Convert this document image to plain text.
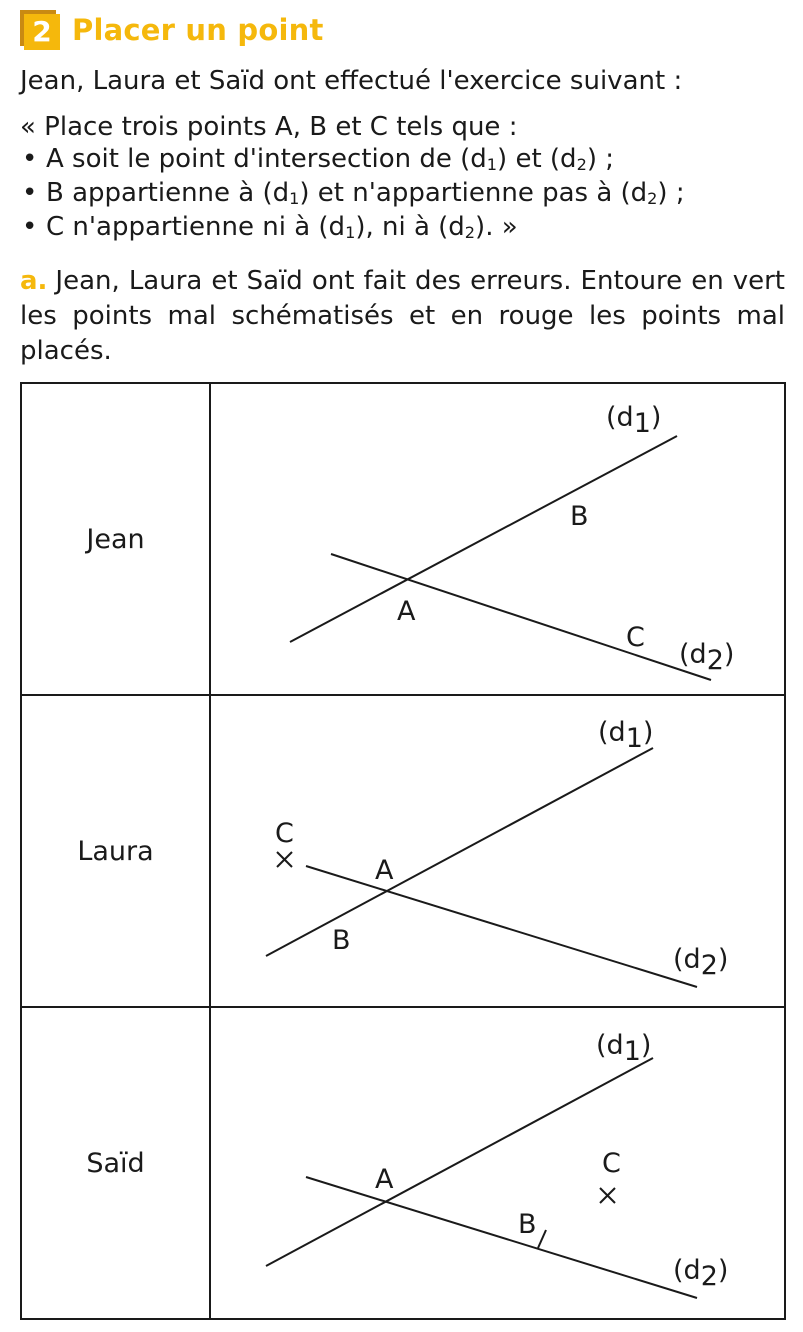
2 Placer un point

Jean, Laura et Saïd ont effectué l'exercice suivant :

« Place trois points A, B et C tels que :

• A soit le point d'intersection de $(d_1)$ et $(d_2)$ ;
• B appartienne à $(d_1)$ et n'appartienne pas à $(d_2)$ ;
• C n'appartienne ni à $(d_1)$, ni à $(d_2)$. »

a. Jean, Laura et Saïd ont fait des erreurs. Entoure en vert les points mal schématisés et en rouge les points mal placés.

Jean	(d1)
(d2)
A
B
C

Laura	(d1)
(d2)
A
B
C

Saïd	(d1)
(d2)
A
B
C
